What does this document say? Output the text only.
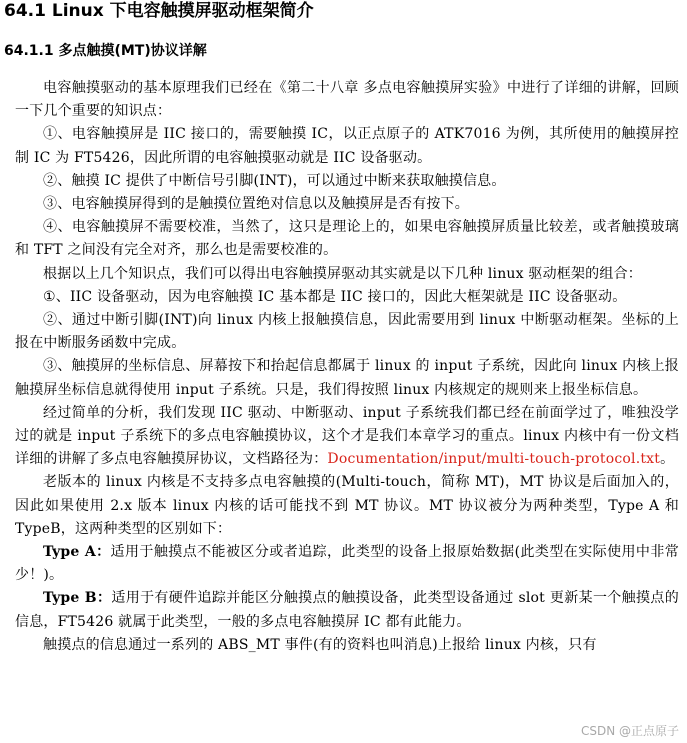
64.1 Linux 下电容触摸屏驱动框架简介
64.1.1 多点触摸(MT)协议详解

电容触摸驱动的基本原理我们已经在《第二十八章 多点电容触摸屏实验》中进行了详细的讲解，回顾一下几个重要的知识点：

①、电容触摸屏是 IIC 接口的，需要触摸 IC，以正点原子的 ATK7016 为例，其所使用的触摸屏控制 IC 为 FT5426，因此所谓的电容触摸驱动就是 IIC 设备驱动。

②、触摸 IC 提供了中断信号引脚(INT)，可以通过中断来获取触摸信息。

③、电容触摸屏得到的是触摸位置绝对信息以及触摸屏是否有按下。

④、电容触摸屏不需要校准，当然了，这只是理论上的，如果电容触摸屏质量比较差，或者触摸玻璃和 TFT 之间没有完全对齐，那么也是需要校准的。

根据以上几个知识点，我们可以得出电容触摸屏驱动其实就是以下几种 linux 驱动框架的组合：

①、IIC 设备驱动，因为电容触摸 IC 基本都是 IIC 接口的，因此大框架就是 IIC 设备驱动。

②、通过中断引脚(INT)向 linux 内核上报触摸信息，因此需要用到 linux 中断驱动框架。坐标的上报在中断服务函数中完成。

③、触摸屏的坐标信息、屏幕按下和抬起信息都属于 linux 的 input 子系统，因此向 linux 内核上报触摸屏坐标信息就得使用 input 子系统。只是，我们得按照 linux 内核规定的规则来上报坐标信息。

经过简单的分析，我们发现 IIC 驱动、中断驱动、input 子系统我们都已经在前面学过了，唯独没学过的就是 input 子系统下的多点电容触摸协议，这个才是我们本章学习的重点。linux 内核中有一份文档详细的讲解了多点电容触摸屏协议，文档路径为：Documentation/input/multi-touch-protocol.txt。

老版本的 linux 内核是不支持多点电容触摸的(Multi-touch，简称 MT)，MT 协议是后面加入的，因此如果使用 2.x 版本 linux 内核的话可能找不到 MT 协议。MT 协议被分为两种类型，Type A 和 TypeB，这两种类型的区别如下：

Type A：适用于触摸点不能被区分或者追踪，此类型的设备上报原始数据(此类型在实际使用中非常少！)。

Type B：适用于有硬件追踪并能区分触摸点的触摸设备，此类型设备通过 slot 更新某一个触摸点的信息，FT5426 就属于此类型，一般的多点电容触摸屏 IC 都有此能力。

触摸点的信息通过一系列的 ABS_MT 事件(有的资料也叫消息)上报给 linux 内核，只有

CSDN @正点原子
